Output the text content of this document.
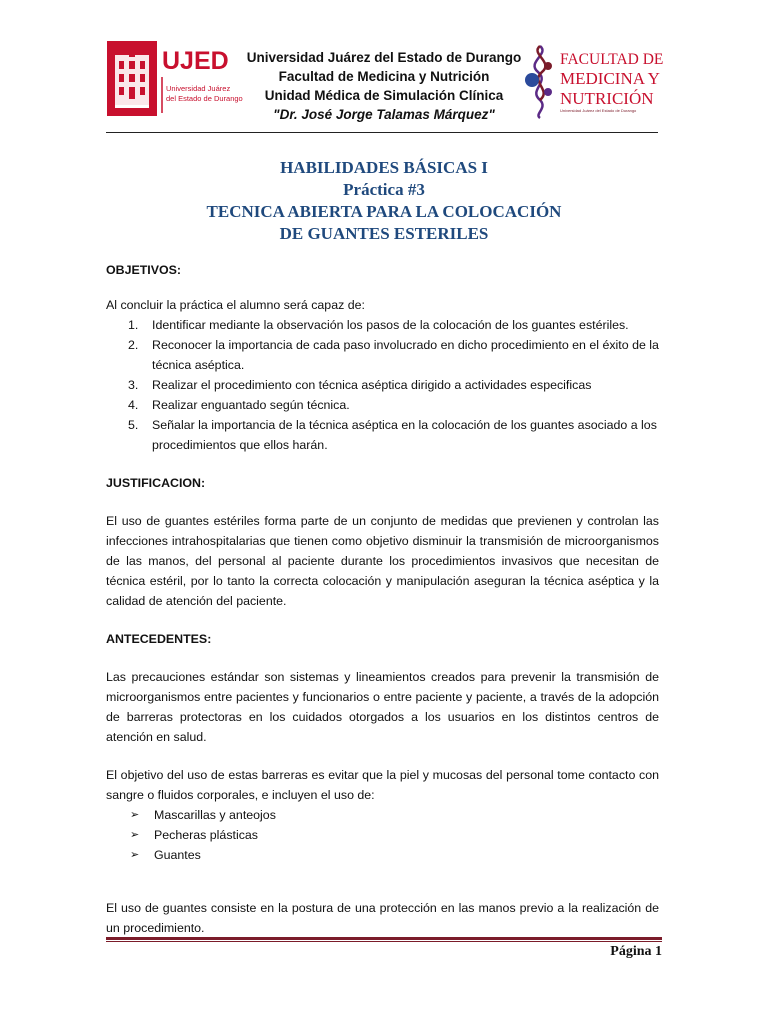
UJED
Universidad Juárez
del Estado de Durango
Universidad Juárez del Estado de Durango
Facultad de Medicina y Nutrición
Unidad Médica de Simulación Clínica
"Dr. José Jorge Talamas Márquez"
FACULTAD DE
MEDICINA Y
NUTRICIÓN
Universidad Juárez del Estado de Durango
HABILIDADES BÁSICAS I
Práctica #3
TECNICA ABIERTA PARA LA COLOCACIÓN
DE GUANTES ESTERILES

OBJETIVOS:

Al concluir la práctica el alumno será capaz de:

1. Identificar mediante la observación los pasos de la colocación de los guantes estériles.
2. Reconocer la importancia de cada paso involucrado en dicho procedimiento en el éxito de la técnica aséptica.
3. Realizar el procedimiento con técnica aséptica dirigido a actividades especificas
4. Realizar enguantado según técnica.
5. Señalar la importancia de la técnica aséptica en la colocación de los guantes asociado a los procedimientos que ellos harán.

JUSTIFICACION:

El uso de guantes estériles forma parte de un conjunto de medidas que previenen y controlan las infecciones intrahospitalarias que tienen como objetivo disminuir la transmisión de microorganismos de las manos, del personal al paciente durante los procedimientos invasivos que necesitan de técnica estéril, por lo tanto la correcta colocación y manipulación aseguran la técnica aséptica y la calidad de atención del paciente.

ANTECEDENTES:

Las precauciones estándar son sistemas y lineamientos creados para prevenir la transmisión de microorganismos entre pacientes y funcionarios o entre paciente y paciente, a través de la adopción de barreras protectoras en los cuidados otorgados a los usuarios en los distintos centros de atención en salud.

El objetivo del uso de estas barreras es evitar que la piel y mucosas del personal tome contacto con sangre o fluidos corporales, e incluyen el uso de:

➢ Mascarillas y anteojos
➢ Pecheras plásticas
➢ Guantes

El uso de guantes consiste en la postura de una protección en las manos previo a la realización de un procedimiento.

Página 1
